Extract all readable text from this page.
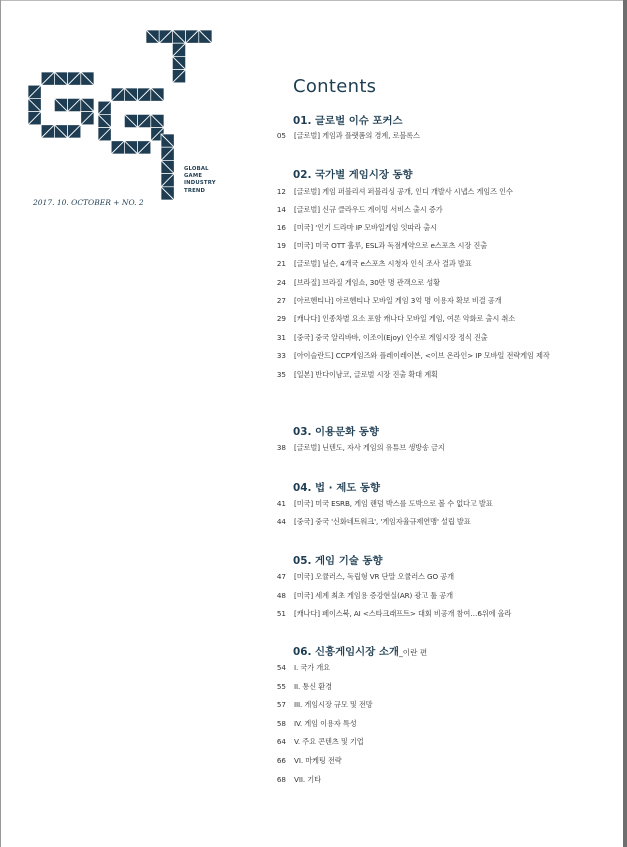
GLOBAL
GAME
INDUSTRY
TREND
2017. 10. OCTOBER + NO. 2
Contents
01. 글로벌 이슈 포커스
05 [글로벌] 게임과 플랫폼의 경계, 로블록스
02. 국가별 게임시장 동향
12 [글로벌] 게임 퍼블리셔 퍼블리싱 공개, 인디 개발사 시냅스 게임즈 인수
14 [글로벌] 신규 클라우드 게이밍 서비스 출시 증가
16 [미국] '인기 드라마 IP 모바일게임 잇따라 출시
19 [미국] 미국 OTT 훌루, ESL과 독점계약으로 e스포츠 시장 진출
21 [글로벌] 닐슨, 4개국 e스포츠 시청자 인식 조사 결과 발표
24 [브라질] 브라질 게임쇼, 30만 명 관객으로 성황
27 [아르헨티나] 아르헨티나 모바일 게임 3억 명 이용자 확보 비결 공개
29 [캐나다] 인종차별 요소 포함 캐나다 모바일 게임, 여론 악화로 출시 취소
31 [중국] 중국 알리바바, 이조이(Ejoy) 인수로 게임시장 정식 진출
33 [아이슬란드] CCP게임즈와 플레이레이븐, <이브 온라인> IP 모바일 전략게임 제작
35 [일본] 반다이남코, 글로벌 시장 진출 확대 계획
03. 이용문화 동향
38 [글로벌] 닌텐도, 자사 게임의 유튜브 생방송 금지
04. 법 · 제도 동향
41 [미국] 미국 ESRB, 게임 랜덤 박스를 도박으로 볼 수 없다고 발표
44 [중국] 중국 '신화네트워크', '게임자율규제연맹' 설립 발표
05. 게임 기술 동향
47 [미국] 오큘러스, 독립형 VR 단말 오큘러스 GO 공개
48 [미국] 세계 최초 게임용 증강현실(AR) 광고 툴 공개
51 [캐나다] 페이스북, AI <스타크래프트> 대회 비공개 참여…6위에 올라
06. 신흥게임시장 소개_이란 편
54 I. 국가 개요
55 II. 통신 환경
57 III. 게임시장 규모 및 전망
58 IV. 게임 이용자 특성
64 V. 주요 콘텐츠 및 기업
66 VI. 마케팅 전략
68 VII. 기타
